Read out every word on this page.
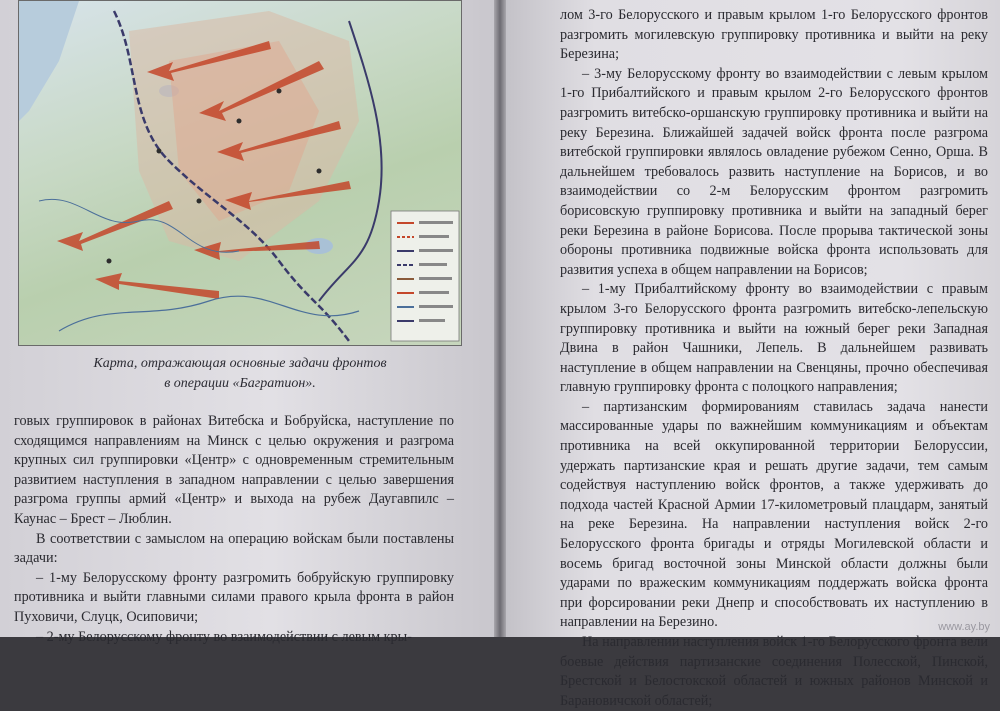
Карта, отражающая основные задачи фронтов
в операции «Багратион».

говых группировок в районах Витебска и Бобруйска, наступление по сходящимся направлениям на Минск с целью окружения и разгрома крупных сил группировки «Центр» с одновременным стремительным развитием наступления в западном направлении с целью завершения разгрома группы армий «Центр» и выхода на рубеж Даугавпилс – Каунас – Брест – Люблин.

В соответствии с замыслом на операцию войскам были поставлены задачи:

– 1-му Белорусскому фронту разгромить бобруйскую группировку противника и выйти главными силами правого крыла фронта в район Пуховичи, Слуцк, Осиповичи;

– 2-му Белорусскому фронту во взаимодействии с левым кры-

лом 3-го Белорусского и правым крылом 1-го Белорусского фронтов разгромить могилевскую группировку противника и выйти на реку Березина;

– 3-му Белорусскому фронту во взаимодействии с левым крылом 1-го Прибалтийского и правым крылом 2-го Белорусского фронтов разгромить витебско-оршанскую группировку противника и выйти на реку Березина. Ближайшей задачей войск фронта после разгрома витебской группировки являлось овладение рубежом Сенно, Орша. В дальнейшем требовалось развить наступление на Борисов, и во взаимодействии со 2-м Белорусским фронтом разгромить борисовскую группировку противника и выйти на западный берег реки Березина в районе Борисова. После прорыва тактической зоны обороны противника подвижные войска фронта использовать для развития успеха в общем направлении на Борисов;

– 1-му Прибалтийскому фронту во взаимодействии с правым крылом 3-го Белорусского фронта разгромить витебско-лепельскую группировку противника и выйти на южный берег реки Западная Двина в район Чашники, Лепель. В дальнейшем развивать наступление в общем направлении на Свенцяны, прочно обеспечивая главную группировку фронта с полоцкого направления;

– партизанским формированиям ставилась задача нанести массированные удары по важнейшим коммуникациям и объектам противника на всей оккупированной территории Белоруссии, удержать партизанские края и решать другие задачи, тем самым содействуя наступлению войск фронтов, а также удерживать до подхода частей Красной Армии 17-километровый плацдарм, занятый на реке Березина. На направлении наступления войск 2-го Белорусского фронта бригады и отряды Могилевской области и восемь бригад восточной зоны Минской области должны были ударами по вражеским коммуникациям поддержать войска фронта при форсировании реки Днепр и способствовать их наступлению в направлении на Березино.

На направлении наступления войск 1-го Белорусского фронта вели боевые действия партизанские соединения Полесской, Пинской, Брестской и Белостокской областей и южных районов Минской и Барановичской областей;

www.ay.by
